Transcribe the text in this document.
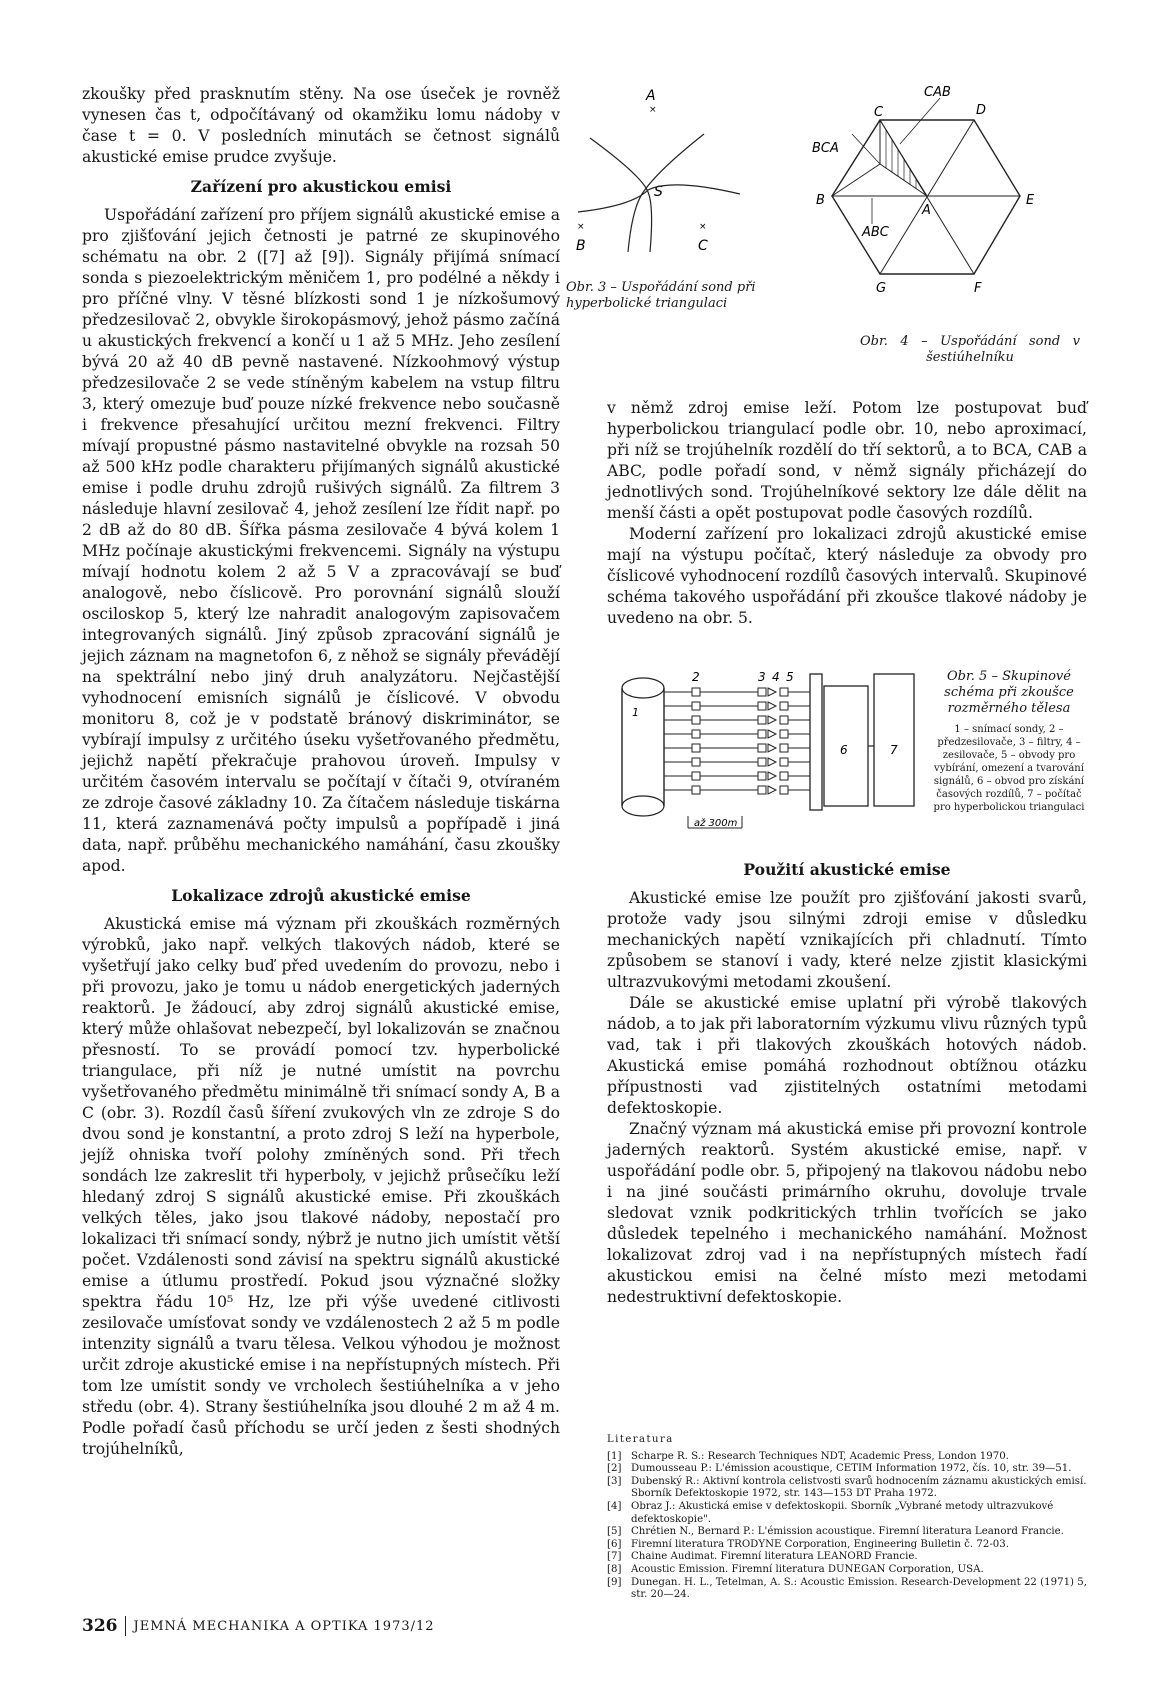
zkoušky před prasknutím stěny. Na ose úseček je rovněž vynesen čas t, odpočítávaný od okamžiku lomu nádoby v čase t = 0. V posledních minutách se četnost signálů akustické emise prudce zvyšuje.

Zařízení pro akustickou emisi

Uspořádání zařízení pro příjem signálů akustické emise a pro zjišťování jejich četnosti je patrné ze skupinového schématu na obr. 2 ([7] až [9]). Signály přijímá snímací sonda s piezoelektrickým měničem 1, pro podélné a někdy i pro příčné vlny. V těsné blízkosti sond 1 je nízkošumový předzesilovač 2, obvykle širokopásmový, jehož pásmo začíná u akustických frekvencí a končí u 1 až 5 MHz. Jeho zesílení bývá 20 až 40 dB pevně nastavené. Nízkoohmový výstup předzesilovače 2 se vede stíněným kabelem na vstup filtru 3, který omezuje buď pouze nízké frekvence nebo současně i frekvence přesahující určitou mezní frekvenci. Filtry mívají propustné pásmo nastavitelné obvykle na rozsah 50 až 500 kHz podle charakteru přijímaných signálů akustické emise i podle druhu zdrojů rušivých signálů. Za filtrem 3 následuje hlavní zesilovač 4, jehož zesílení lze řídit např. po 2 dB až do 80 dB. Šířka pásma zesilovače 4 bývá kolem 1 MHz počínaje akustickými frekvencemi. Signály na výstupu mívají hodnotu kolem 2 až 5 V a zpracovávají se buď analogově, nebo číslicově. Pro porovnání signálů slouží osciloskop 5, který lze nahradit analogovým zapisovačem integrovaných signálů. Jiný způsob zpracování signálů je jejich záznam na magnetofon 6, z něhož se signály převádějí na spektrální nebo jiný druh analyzátoru. Nejčastější vyhodnocení emisních signálů je číslicové. V obvodu monitoru 8, což je v podstatě bránový diskriminátor, se vybírají impulsy z určitého úseku vyšetřovaného předmětu, jejichž napětí překračuje prahovou úroveň. Impulsy v určitém časovém intervalu se počítají v čítači 9, otvíraném ze zdroje časové základny 10. Za čítačem následuje tiskárna 11, která zaznamenává počty impulsů a popřípadě i jiná data, např. průběhu mechanického namáhání, času zkoušky apod.

Lokalizace zdrojů akustické emise

Akustická emise má význam při zkouškách rozměrných výrobků, jako např. velkých tlakových nádob, které se vyšetřují jako celky buď před uvedením do provozu, nebo i při provozu, jako je tomu u nádob energetických jaderných reaktorů. Je žádoucí, aby zdroj signálů akustické emise, který může ohlašovat nebezpečí, byl lokalizován se značnou přesností. To se provádí pomocí tzv. hyperbolické triangulace, při níž je nutné umístit na povrchu vyšetřovaného předmětu minimálně tři snímací sondy A, B a C (obr. 3). Rozdíl časů šíření zvukových vln ze zdroje S do dvou sond je konstantní, a proto zdroj S leží na hyperbole, jejíž ohniska tvoří polohy zmíněných sond. Při třech sondách lze zakreslit tři hyperboly, v jejichž průsečíku leží hledaný zdroj S signálů akustické emise. Při zkouškách velkých těles, jako jsou tlakové nádoby, nepostačí pro lokalizaci tři snímací sondy, nýbrž je nutno jich umístit větší počet. Vzdálenosti sond závisí na spektru signálů akustické emise a útlumu prostředí. Pokud jsou význačné složky spektra řádu 10⁵ Hz, lze při výše uvedené citlivosti zesilovače umísťovat sondy ve vzdálenostech 2 až 5 m podle intenzity signálů a tvaru tělesa. Velkou výhodou je možnost určit zdroje akustické emise i na nepřístupných místech. Při tom lze umístit sondy ve vrcholech šestiúhelníka a v jeho středu (obr. 4). Strany šestiúhelníka jsou dlouhé 2 m až 4 m. Podle pořadí časů příchodu se určí jeden z šesti shodných trojúhelníků,

A
×
B
×
C
×
S
Obr. 3 – Uspořádání sond při hyperbolické triangulaci
CAB
C	D
BCA
B
A
E
ABC
G	F
Obr. 4 – Uspořádání sond v šestiúhelníku

v němž zdroj emise leží. Potom lze postupovat buď hyperbolickou triangulací podle obr. 10, nebo aproximací, při níž se trojúhelník rozdělí do tří sektorů, a to BCA, CAB a ABC, podle pořadí sond, v němž signály přicházejí do jednotlivých sond. Trojúhelníkové sektory lze dále dělit na menší části a opět postupovat podle časových rozdílů.

Moderní zařízení pro lokalizaci zdrojů akustické emise mají na výstupu počítač, který následuje za obvody pro číslicové vyhodnocení rozdílů časových intervalů. Skupinové schéma takového uspořádání při zkoušce tlakové nádoby je uvedeno na obr. 5.

Použití akustické emise

Akustické emise lze použít pro zjišťování jakosti svarů, protože vady jsou silnými zdroji emise v důsledku mechanických napětí vznikajících při chladnutí. Tímto způsobem se stanoví i vady, které nelze zjistit klasickými ultrazvukovými metodami zkoušení.

Dále se akustické emise uplatní při výrobě tlakových nádob, a to jak při laboratorním výzkumu vlivu různých typů vad, tak i při tlakových zkouškách hotových nádob. Akustická emise pomáhá rozhodnout obtížnou otázku přípustnosti vad zjistitelných ostatními metodami defektoskopie.

Značný význam má akustická emise při provozní kontrole jaderných reaktorů. Systém akustické emise, např. v uspořádání podle obr. 5, připojený na tlakovou nádobu nebo i na jiné součásti primárního okruhu, dovoluje trvale sledovat vznik podkritických trhlin tvořících se jako důsledek tepelného i mechanického namáhání. Možnost lokalizovat zdroj vad i na nepřístupných místech řadí akustickou emisi na čelné místo mezi metodami nedestruktivní defektoskopie.

1
2	3 4 5
6	7
až 300m
Obr. 5 – Skupinové schéma při zkoušce rozměrného tělesa
1 – snímací sondy, 2 – předzesilovače, 3 – filtry, 4 – zesilovače, 5 – obvody pro vybírání, omezení a tvarování signálů, 6 – obvod pro získání časových rozdílů, 7 – počítač pro hyperbolickou triangulaci
Literatura
[1] Scharpe R. S.: Research Techniques NDT, Academic Press, London 1970.
[2] Dumousseau P.: L'émission acoustique, CETIM Information 1972, čís. 10, str. 39—51.
[3] Dubenský R.: Aktivní kontrola celistvosti svarů hodnocením záznamu akustických emisí. Sborník Defektoskopie 1972, str. 143—153 DT Praha 1972.
[4] Obraz J.: Akustická emise v defektoskopii. Sborník „Vybrané metody ultrazvukové defektoskopie".
[5] Chrétien N., Bernard P.: L'émission acoustique. Firemní literatura Leanord Francie.
[6] Firemní literatura TRODYNE Corporation, Engineering Bulletin č. 72-03.
[7] Chaine Audimat. Firemní literatura LEANORD Francie.
[8] Acoustic Emission. Firemní literatura DUNEGAN Corporation, USA.
[9] Dunegan. H. L., Tetelman, A. S.: Acoustic Emission. Research-Development 22 (1971) 5, str. 20—24.
326 JEMNÁ MECHANIKA A OPTIKA 1973/12
